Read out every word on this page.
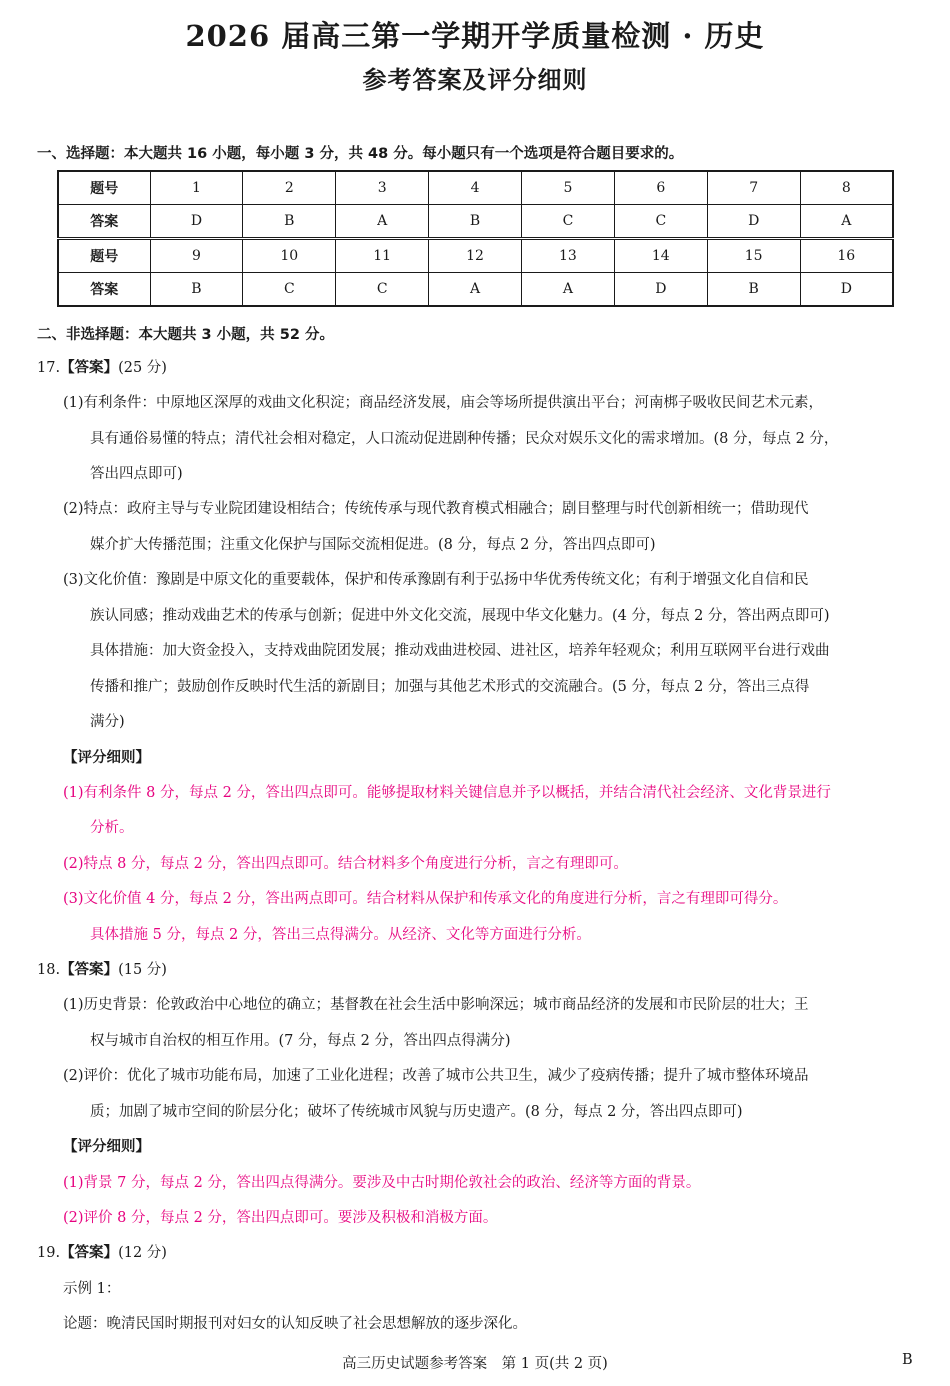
2026 届高三第一学期开学质量检测 · 历史
参考答案及评分细则
一、选择题：本大题共 16 小题，每小题 3 分，共 48 分。每小题只有一个选项是符合题目要求的。
题号	1	2	3	4	5	6	7	8
答案	D	B	A	B	C	C	D	A
题号	9	10	11	12	13	14	15	16
答案	B	C	C	A	A	D	B	D
二、非选择题：本大题共 3 小题，共 52 分。
17.【答案】(25 分)
(1)有利条件：中原地区深厚的戏曲文化积淀；商品经济发展，庙会等场所提供演出平台；河南梆子吸收民间艺术元素，
具有通俗易懂的特点；清代社会相对稳定，人口流动促进剧种传播；民众对娱乐文化的需求增加。(8 分，每点 2 分，
答出四点即可)
(2)特点：政府主导与专业院团建设相结合；传统传承与现代教育模式相融合；剧目整理与时代创新相统一；借助现代
媒介扩大传播范围；注重文化保护与国际交流相促进。(8 分，每点 2 分，答出四点即可)
(3)文化价值：豫剧是中原文化的重要载体，保护和传承豫剧有利于弘扬中华优秀传统文化；有利于增强文化自信和民
族认同感；推动戏曲艺术的传承与创新；促进中外文化交流，展现中华文化魅力。(4 分，每点 2 分，答出两点即可)
具体措施：加大资金投入，支持戏曲院团发展；推动戏曲进校园、进社区，培养年轻观众；利用互联网平台进行戏曲
传播和推广；鼓励创作反映时代生活的新剧目；加强与其他艺术形式的交流融合。(5 分，每点 2 分，答出三点得
满分)
【评分细则】
(1)有利条件 8 分，每点 2 分，答出四点即可。能够提取材料关键信息并予以概括，并结合清代社会经济、文化背景进行
分析。
(2)特点 8 分，每点 2 分，答出四点即可。结合材料多个角度进行分析，言之有理即可。
(3)文化价值 4 分，每点 2 分，答出两点即可。结合材料从保护和传承文化的角度进行分析，言之有理即可得分。
具体措施 5 分，每点 2 分，答出三点得满分。从经济、文化等方面进行分析。
18.【答案】(15 分)
(1)历史背景：伦敦政治中心地位的确立；基督教在社会生活中影响深远；城市商品经济的发展和市民阶层的壮大；王
权与城市自治权的相互作用。(7 分，每点 2 分，答出四点得满分)
(2)评价：优化了城市功能布局，加速了工业化进程；改善了城市公共卫生，减少了疫病传播；提升了城市整体环境品
质；加剧了城市空间的阶层分化；破坏了传统城市风貌与历史遗产。(8 分，每点 2 分，答出四点即可)
【评分细则】
(1)背景 7 分，每点 2 分，答出四点得满分。要涉及中古时期伦敦社会的政治、经济等方面的背景。
(2)评价 8 分，每点 2 分，答出四点即可。要涉及积极和消极方面。
19.【答案】(12 分)
示例 1：
论题：晚清民国时期报刊对妇女的认知反映了社会思想解放的逐步深化。
高三历史试题参考答案　第 1 页(共 2 页)	B
